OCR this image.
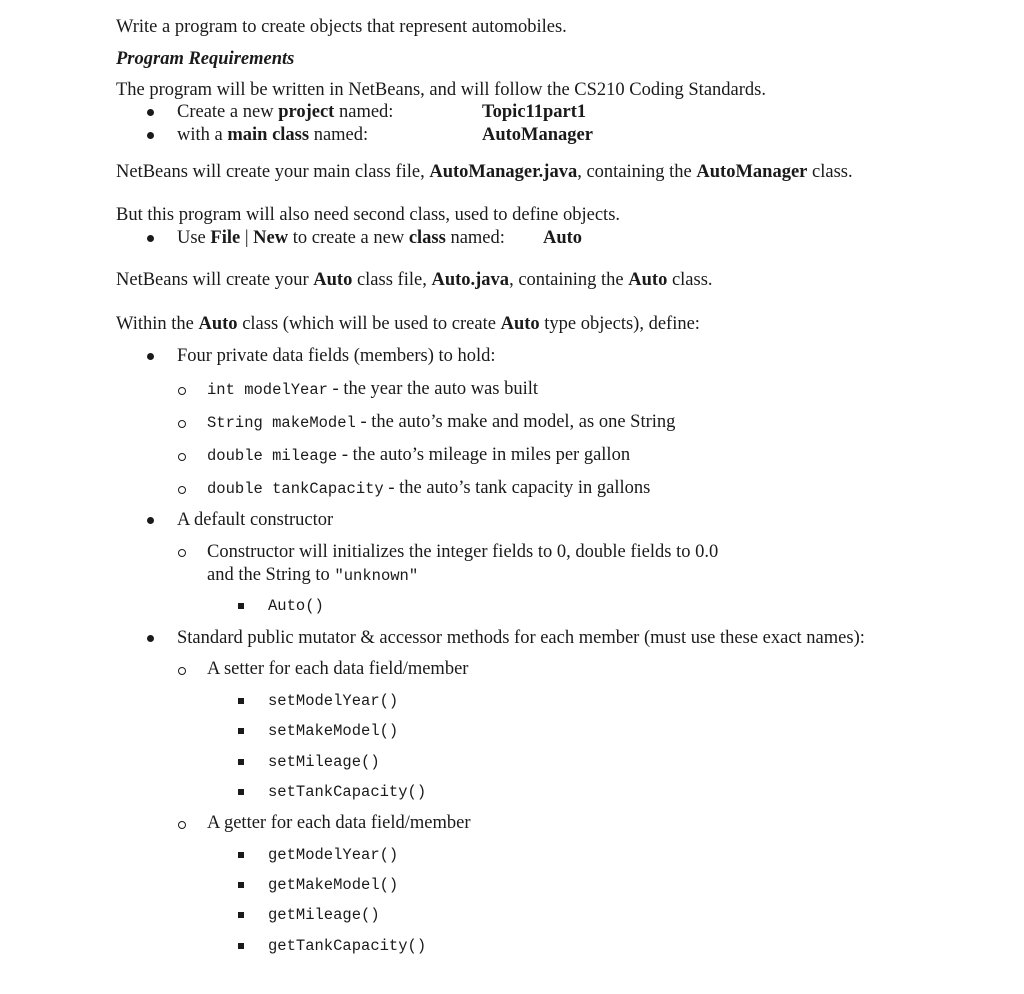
Write a program to create objects that represent automobiles.
Program Requirements
The program will be written in NetBeans, and will follow the CS210 Coding Standards.
Create a new project named:	Topic11part1
with a main class named:	AutoManager
NetBeans will create your main class file, AutoManager.java, containing the AutoManager class.
But this program will also need second class, used to define objects.
Use File | New to create a new class named: Auto
NetBeans will create your Auto class file, Auto.java, containing the Auto class.
Within the Auto class (which will be used to create Auto type objects), define:
Four private data fields (members) to hold:
int modelYear - the year the auto was built
String makeModel - the auto’s make and model, as one String
double mileage - the auto’s mileage in miles per gallon
double tankCapacity - the auto’s tank capacity in gallons
A default constructor
Constructor will initializes the integer fields to 0, double fields to 0.0
and the String to "unknown"
Auto()
Standard public mutator & accessor methods for each member (must use these exact names):
A setter for each data field/member
setModelYear()
setMakeModel()
setMileage()
setTankCapacity()
A getter for each data field/member
getModelYear()
getMakeModel()
getMileage()
getTankCapacity()
